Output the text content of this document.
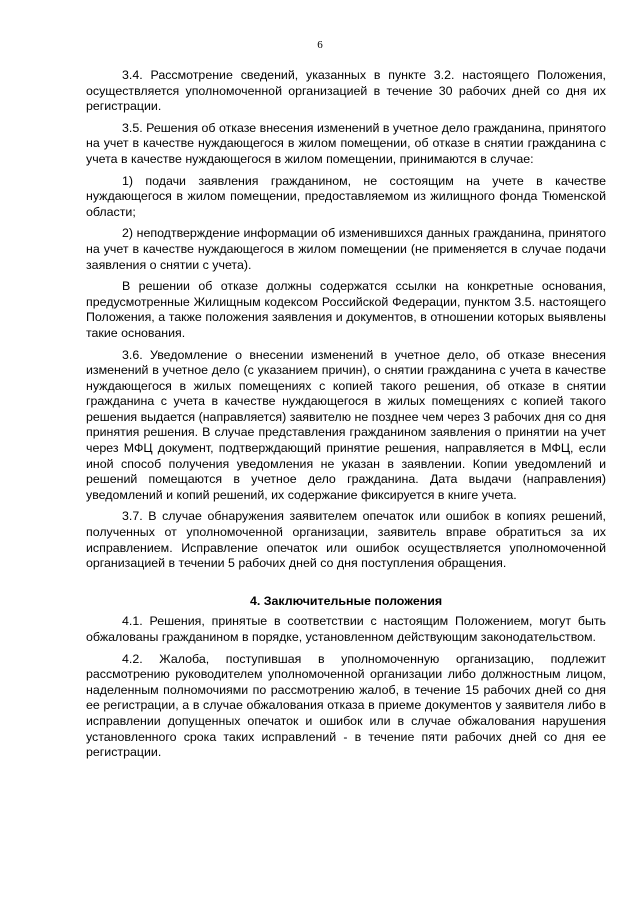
6

3.4. Рассмотрение сведений, указанных в пункте 3.2. настоящего Положения, осуществляется уполномоченной организацией в течение 30 рабочих дней со дня их регистрации.

3.5. Решения об отказе внесения изменений в учетное дело гражданина, принятого на учет в качестве нуждающегося в жилом помещении, об отказе в снятии гражданина с учета в качестве нуждающегося в жилом помещении, принимаются в случае:

1) подачи заявления гражданином, не состоящим на учете в качестве нуждающегося в жилом помещении, предоставляемом из жилищного фонда Тюменской области;

2) неподтверждение информации об изменившихся данных гражданина, принятого на учет в качестве нуждающегося в жилом помещении (не применяется в случае подачи заявления о снятии с учета).

В решении об отказе должны содержатся ссылки на конкретные основания, предусмотренные Жилищным кодексом Российской Федерации, пунктом 3.5. настоящего Положения, а также положения заявления и документов, в отношении которых выявлены такие основания.

3.6. Уведомление о внесении изменений в учетное дело, об отказе внесения изменений в учетное дело (с указанием причин), о снятии гражданина с учета в качестве нуждающегося в жилых помещениях с копией такого решения, об отказе в снятии гражданина с учета в качестве нуждающегося в жилых помещениях с копией такого решения выдается (направляется) заявителю не позднее чем через 3 рабочих дня со дня принятия решения. В случае представления гражданином заявления о принятии на учет через МФЦ документ, подтверждающий принятие решения, направляется в МФЦ, если иной способ получения уведомления не указан в заявлении. Копии уведомлений и решений помещаются в учетное дело гражданина. Дата выдачи (направления) уведомлений и копий решений, их содержание фиксируется в книге учета.

3.7. В случае обнаружения заявителем опечаток или ошибок в копиях решений, полученных от уполномоченной организации, заявитель вправе обратиться за их исправлением. Исправление опечаток или ошибок осуществляется уполномоченной организацией в течении 5 рабочих дней со дня поступления обращения.

4. Заключительные положения

4.1. Решения, принятые в соответствии с настоящим Положением, могут быть обжалованы гражданином в порядке, установленном действующим законодательством.

4.2. Жалоба, поступившая в уполномоченную организацию, подлежит рассмотрению руководителем уполномоченной организации либо должностным лицом, наделенным полномочиями по рассмотрению жалоб, в течение 15 рабочих дней со дня ее регистрации, а в случае обжалования отказа в приеме документов у заявителя либо в исправлении допущенных опечаток и ошибок или в случае обжалования нарушения установленного срока таких исправлений - в течение пяти рабочих дней со дня ее регистрации.
